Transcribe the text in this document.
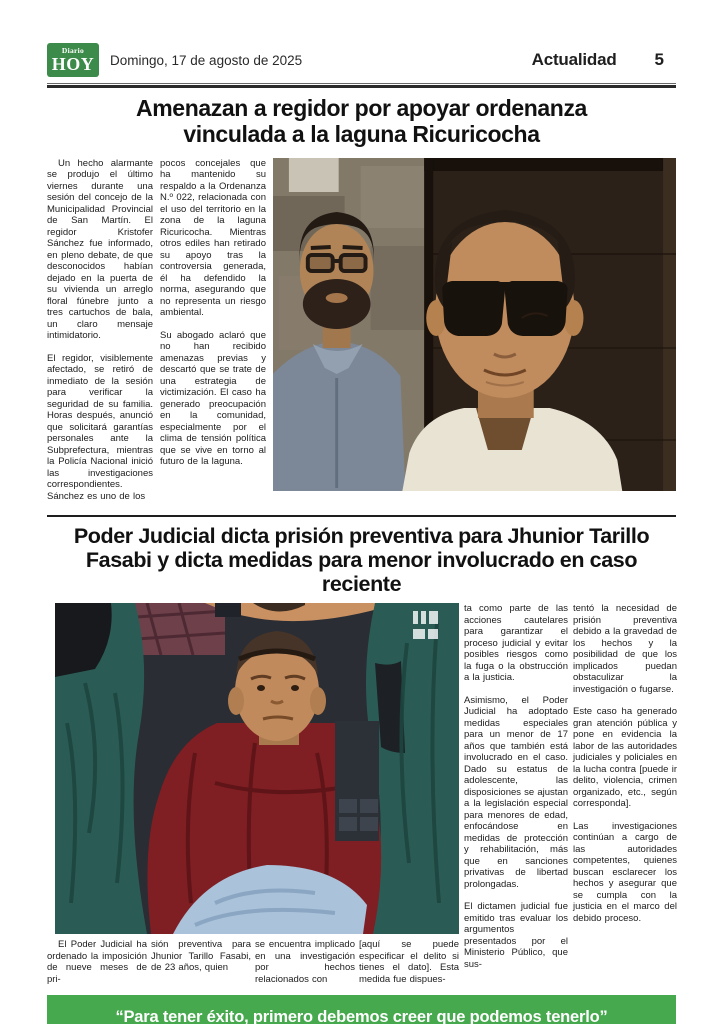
Diario
HOY	Domingo, 17 de agosto de 2025	Actualidad 5
Amenazan a regidor por apoyar ordenanza vinculada a la laguna Ricuricocha

Un hecho alarmante se produjo el último viernes durante una sesión del concejo de la Municipalidad Provincial de San Martín. El regidor Kristofer Sánchez fue informado, en pleno debate, de que desconocidos habían dejado en la puerta de su vivienda un arreglo floral fúnebre junto a tres cartuchos de bala, un claro mensaje intimidatorio.

El regidor, visiblemente afectado, se retiró de inmediato de la sesión para verificar la seguridad de su familia. Horas después, anunció que solicitará garantías personales ante la Subprefectura, mientras la Policía Nacional inició las investigaciones correspondientes. Sánchez es uno de los

pocos concejales que ha mantenido su respaldo a la Ordenanza N.º 022, relacionada con el uso del territorio en la zona de la laguna Ricuricocha. Mientras otros ediles han retirado su apoyo tras la controversia generada, él ha defendido la norma, asegurando que no representa un riesgo ambiental.

Su abogado aclaró que no han recibido amenazas previas y descartó que se trate de una estrategia de victimización. El caso ha generado preocupación en la comunidad, especialmente por el clima de tensión política que se vive en torno al futuro de la laguna.

Poder Judicial dicta prisión preventiva para Jhunior Tarillo Fasabi y dicta medidas para menor involucrado en caso reciente

El Poder Judicial ha ordenado la imposición de nueve meses de pri-

sión preventiva para Jhunior Tarillo Fasabi, de 23 años, quien

se encuentra implicado en una investigación por hechos relacionados con

[aquí se puede especificar el delito si tienes el dato]. Esta medida fue dispues-

ta como parte de las acciones cautelares para garantizar el proceso judicial y evitar posibles riesgos como la fuga o la obstrucción a la justicia.

Asimismo, el Poder Judicial ha adoptado medidas especiales para un menor de 17 años que también está involucrado en el caso. Dado su estatus de adolescente, las disposiciones se ajustan a la legislación especial para menores de edad, enfocándose en medidas de protección y rehabilitación, más que en sanciones privativas de libertad prolongadas.

El dictamen judicial fue emitido tras evaluar los argumentos presentados por el Ministerio Público, que sus-

tentó la necesidad de prisión preventiva debido a la gravedad de los hechos y la posibilidad de que los implicados puedan obstaculizar la investigación o fugarse.

Este caso ha generado gran atención pública y pone en evidencia la labor de las autoridades judiciales y policiales en la lucha contra [puede ir delito, violencia, crimen organizado, etc., según corresponda].

Las investigaciones continúan a cargo de las autoridades competentes, quienes buscan esclarecer los hechos y asegurar que se cumpla con la justicia en el marco del debido proceso.

“Para tener éxito, primero debemos creer que podemos tenerlo”
